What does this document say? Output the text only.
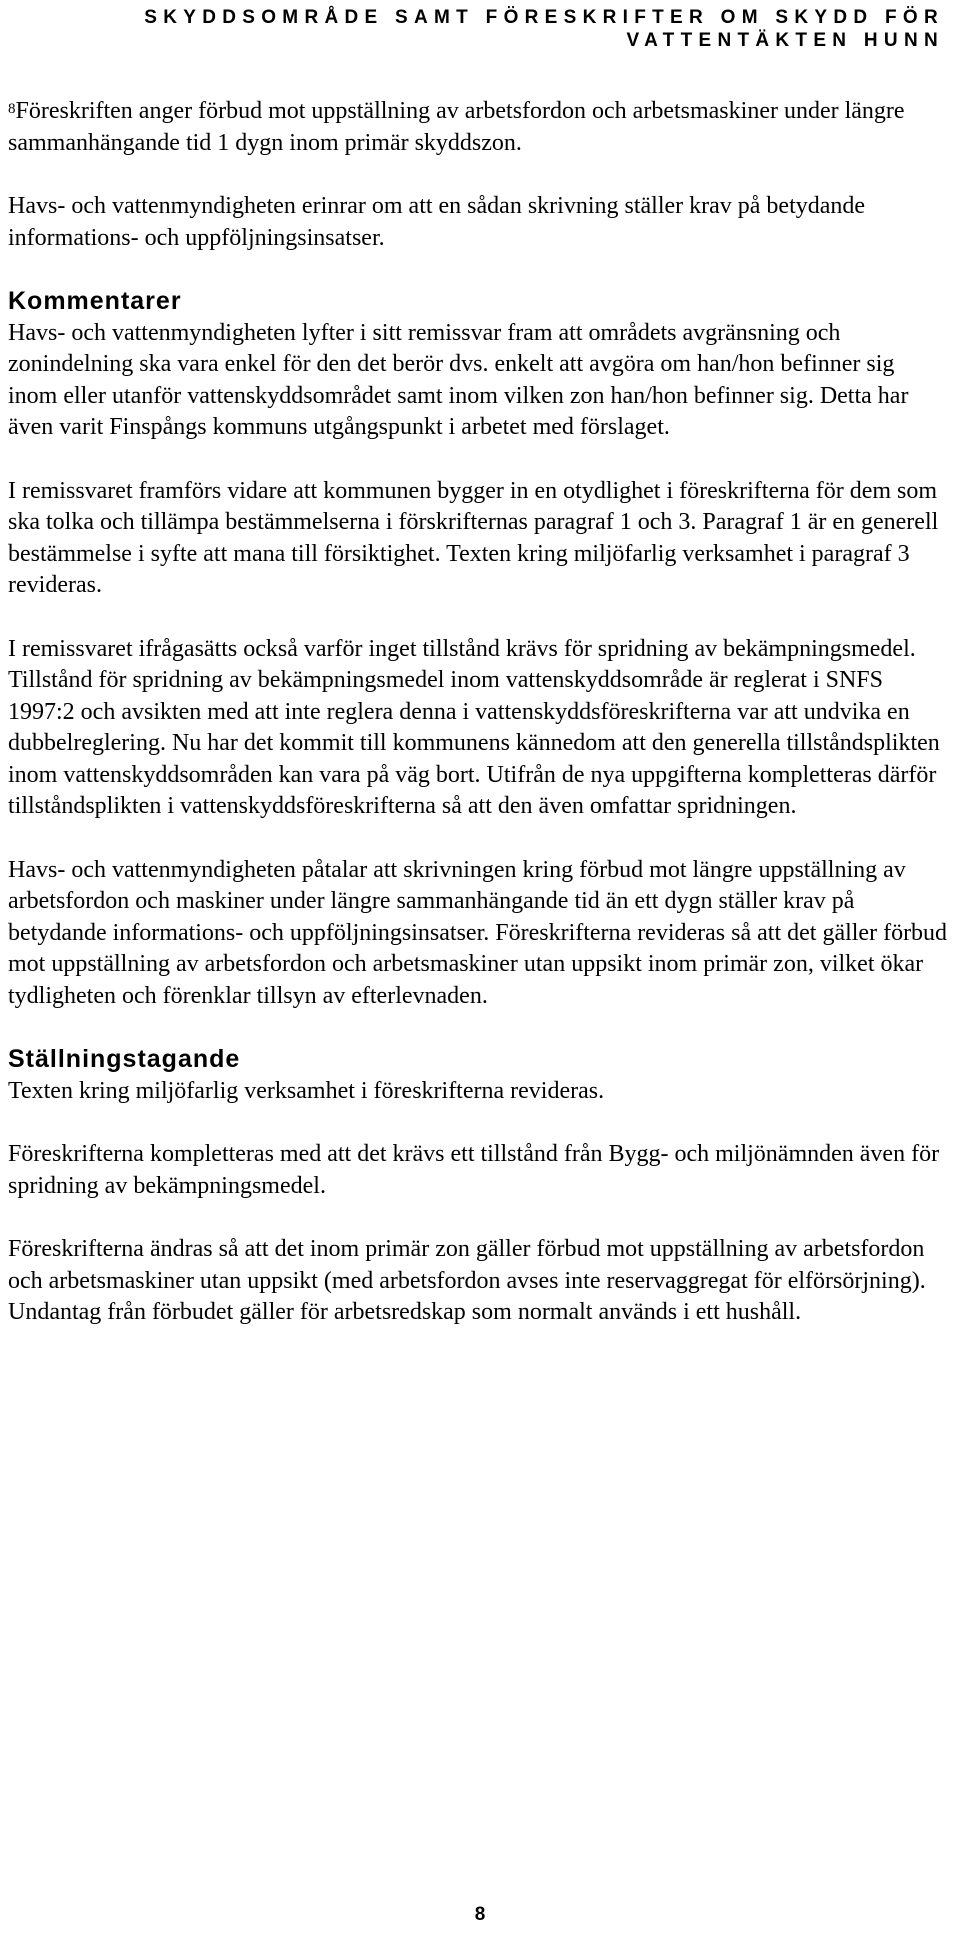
SKYDDSOMRÅDE SAMT FÖRESKRIFTER OM SKYDD FÖR
VATTENTÄKTEN HUNN

$^8$Föreskriften anger förbud mot uppställning av arbetsfordon och arbetsmaskiner under längre sammanhängande tid 1 dygn inom primär skyddszon.

Havs- och vattenmyndigheten erinrar om att en sådan skrivning ställer krav på betydande informations- och uppföljningsinsatser.

Kommentarer

Havs- och vattenmyndigheten lyfter i sitt remissvar fram att områdets avgränsning och zonindelning ska vara enkel för den det berör dvs. enkelt att avgöra om han/hon befinner sig inom eller utanför vattenskyddsområdet samt inom vilken zon han/hon befinner sig. Detta har även varit Finspångs kommuns utgångspunkt i arbetet med förslaget.

I remissvaret framförs vidare att kommunen bygger in en otydlighet i föreskrifterna för dem som ska tolka och tillämpa bestämmelserna i förskrifternas paragraf 1 och 3. Paragraf 1 är en generell bestämmelse i syfte att mana till försiktighet. Texten kring miljöfarlig verksamhet i paragraf 3 revideras.

I remissvaret ifrågasätts också varför inget tillstånd krävs för spridning av bekämpningsmedel. Tillstånd för spridning av bekämpningsmedel inom vattenskyddsområde är reglerat i SNFS 1997:2 och avsikten med att inte reglera denna i vattenskyddsföreskrifterna var att undvika en dubbelreglering. Nu har det kommit till kommunens kännedom att den generella tillståndsplikten inom vattenskyddsområden kan vara på väg bort. Utifrån de nya uppgifterna kompletteras därför tillståndsplikten i vattenskyddsföreskrifterna så att den även omfattar spridningen.

Havs- och vattenmyndigheten påtalar att skrivningen kring förbud mot längre uppställning av arbetsfordon och maskiner under längre sammanhängande tid än ett dygn ställer krav på betydande informations- och uppföljningsinsatser. Föreskrifterna revideras så att det gäller förbud mot uppställning av arbetsfordon och arbetsmaskiner utan uppsikt inom primär zon, vilket ökar tydligheten och förenklar tillsyn av efterlevnaden.

Ställningstagande

Texten kring miljöfarlig verksamhet i föreskrifterna revideras.

Föreskrifterna kompletteras med att det krävs ett tillstånd från Bygg- och miljönämnden även för spridning av bekämpningsmedel.

Föreskrifterna ändras så att det inom primär zon gäller förbud mot uppställning av arbetsfordon och arbetsmaskiner utan uppsikt (med arbetsfordon avses inte reservaggregat för elförsörjning). Undantag från förbudet gäller för arbetsredskap som normalt används i ett hushåll.

8
